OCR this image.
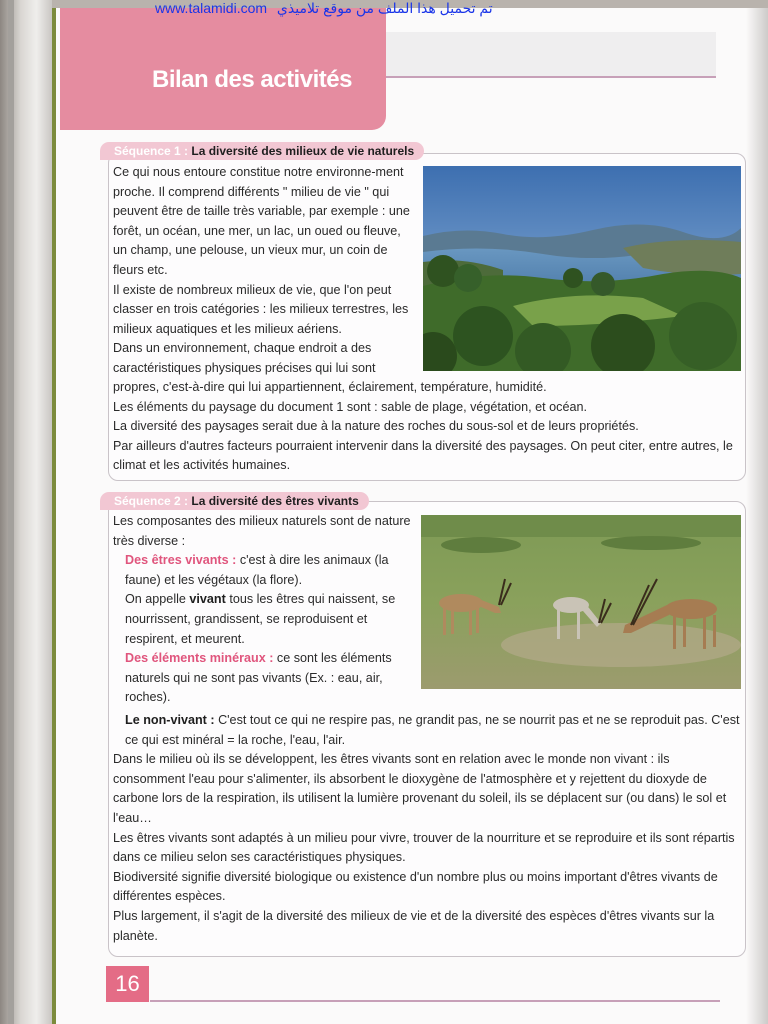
Bilan des activités
www.talamidi.com تم تحميل هذا الملف من موقع تلاميذي
Séquence 1 : La diversité des milieux de vie naturels

Ce qui nous entoure constitue notre environne-ment proche. Il comprend différents " milieu de vie " qui peuvent être de taille très variable, par exemple : une forêt, un océan, une mer, un lac, un oued ou fleuve, un champ, une pelouse, un vieux mur, un coin de fleurs etc.

Il existe de nombreux milieux de vie, que l'on peut classer en trois catégories : les milieux terrestres, les milieux aquatiques et les milieux aériens.

Dans un environnement, chaque endroit a des caractéristiques physiques précises qui lui sont

propres, c'est-à-dire qui lui appartiennent, éclairement, température, humidité.

Les éléments du paysage du document 1 sont : sable de plage, végétation, et océan.

La diversité des paysages serait due à la nature des roches du sous-sol et de leurs propriétés.

Par ailleurs d'autres facteurs pourraient intervenir dans la diversité des paysages. On peut citer, entre autres, le climat et les activités humaines.

Séquence 2 : La diversité des êtres vivants

Les composantes des milieux naturels sont de nature très diverse :

Des êtres vivants : c'est à dire les animaux (la faune) et les végétaux (la flore).

On appelle vivant tous les êtres qui naissent, se nourrissent, grandissent, se reproduisent et respirent, et meurent.

Des éléments minéraux : ce sont les éléments naturels qui ne sont pas vivants (Ex. : eau, air, roches).

Le non-vivant : C'est tout ce qui ne respire pas, ne grandit pas, ne se nourrit pas et ne se reproduit pas. C'est ce qui est minéral = la roche, l'eau, l'air.

Dans le milieu où ils se développent, les êtres vivants sont en relation avec le monde non vivant : ils consomment l'eau pour s'alimenter, ils absorbent le dioxygène de l'atmosphère et y rejettent du dioxyde de carbone lors de la respiration, ils utilisent la lumière provenant du soleil, ils se déplacent sur (ou dans) le sol et l'eau…

Les êtres vivants sont adaptés à un milieu pour vivre, trouver de la nourriture et se reproduire et ils sont répartis dans ce milieu selon ses caractéristiques physiques.

Biodiversité signifie diversité biologique ou existence d'un nombre plus ou moins important d'êtres vivants de différentes espèces.

Plus largement, il s'agit de la diversité des milieux de vie et de la diversité des espèces d'êtres vivants sur la planète.

16
